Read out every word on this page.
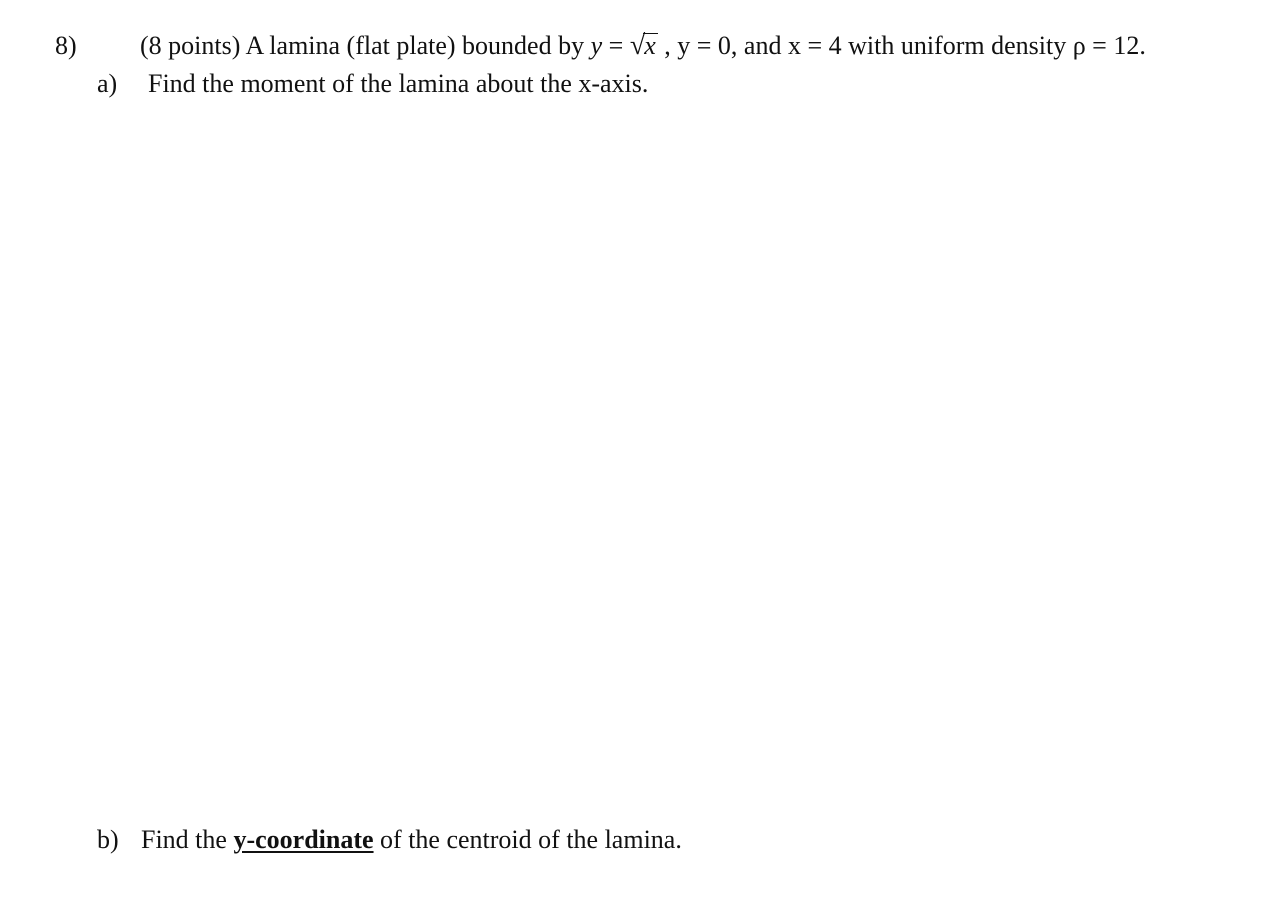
8) (8 points) A lamina (flat plate) bounded by y = √x , y = 0, and x = 4 with uniform density ρ = 12.
a) Find the moment of the lamina about the x-axis.
b) Find the y-coordinate of the centroid of the lamina.
